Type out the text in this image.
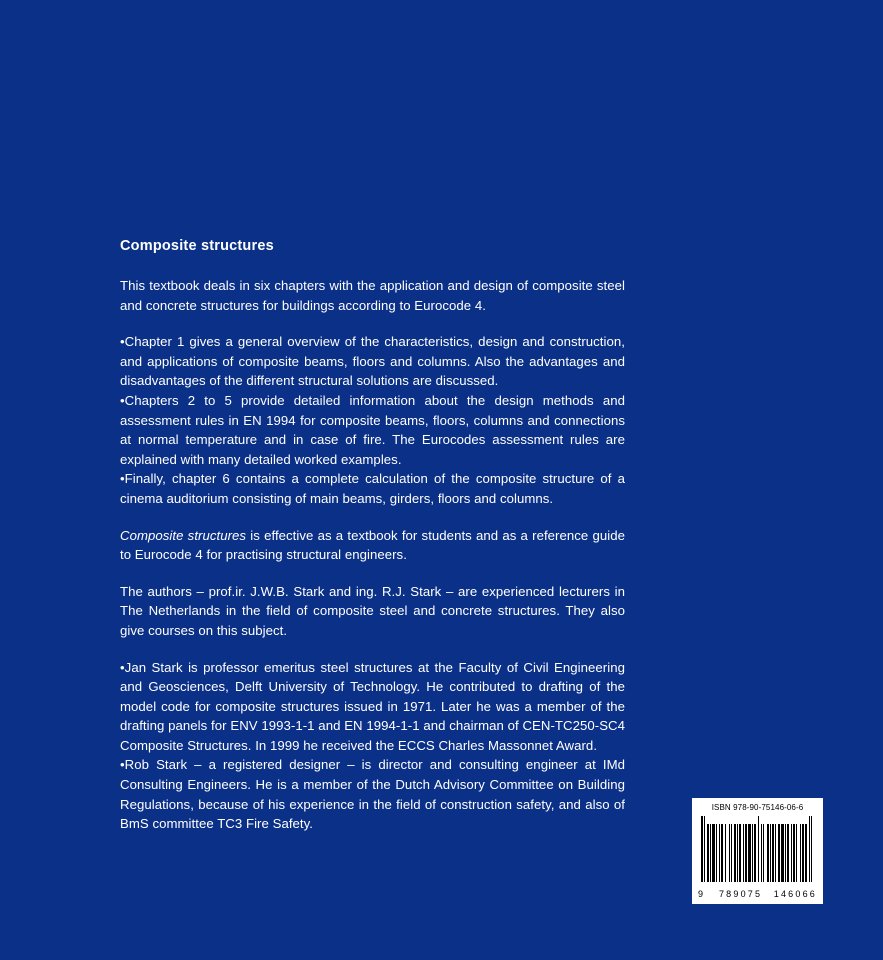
Composite structures

This textbook deals in six chapters with the application and design of composite steel and concrete structures for buildings according to Eurocode 4.

•Chapter 1 gives a general overview of the characteristics, design and construction, and applications of composite beams, floors and columns. Also the advantages and disadvantages of the different structural solutions are discussed.

•Chapters 2 to 5 provide detailed information about the design methods and assessment rules in EN 1994 for composite beams, floors, columns and connections at normal temperature and in case of fire. The Eurocodes assessment rules are explained with many detailed worked examples.

•Finally, chapter 6 contains a complete calculation of the composite structure of a cinema auditorium consisting of main beams, girders, floors and columns.

Composite structures is effective as a textbook for students and as a reference guide to Eurocode 4 for practising structural engineers.

The authors – prof.ir. J.W.B. Stark and ing. R.J. Stark – are experienced lecturers in The Netherlands in the field of composite steel and concrete structures. They also give courses on this subject.

•Jan Stark is professor emeritus steel structures at the Faculty of Civil Engineering and Geosciences, Delft University of Technology. He contributed to drafting of the model code for composite structures issued in 1971. Later he was a member of the drafting panels for ENV 1993-1-1 and EN 1994-1-1 and chairman of CEN-TC250-SC4 Composite Structures. In 1999 he received the ECCS Charles Massonnet Award.

•Rob Stark – a registered designer – is director and consulting engineer at IMd Consulting Engineers. He is a member of the Dutch Advisory Committee on Building Regulations, because of his experience in the field of construction safety, and also of BmS committee TC3 Fire Safety.

ISBN 978-90-75146-06-6
9 789075 146066
